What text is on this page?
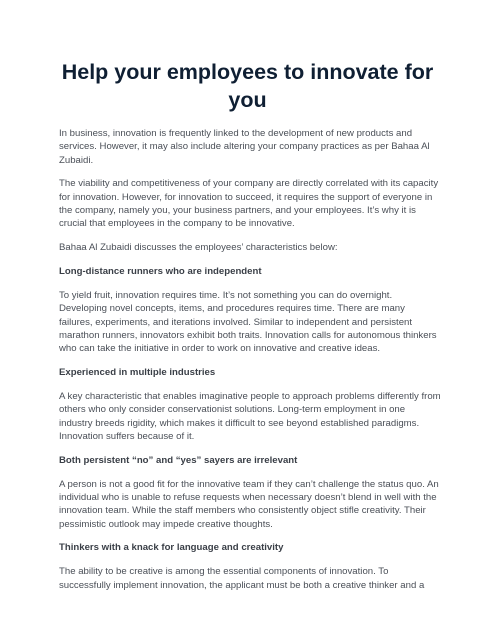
Help your employees to innovate for you

In business, innovation is frequently linked to the development of new products and services. However, it may also include altering your company practices as per Bahaa Al Zubaidi.

The viability and competitiveness of your company are directly correlated with its capacity for innovation. However, for innovation to succeed, it requires the support of everyone in the company, namely you, your business partners, and your employees. It’s why it is crucial that employees in the company to be innovative.

Bahaa Al Zubaidi discusses the employees’ characteristics below:

Long-distance runners who are independent

To yield fruit, innovation requires time. It’s not something you can do overnight. Developing novel concepts, items, and procedures requires time. There are many failures, experiments, and iterations involved. Similar to independent and persistent marathon runners, innovators exhibit both traits. Innovation calls for autonomous thinkers who can take the initiative in order to work on innovative and creative ideas.

Experienced in multiple industries

A key characteristic that enables imaginative people to approach problems differently from others who only consider conservationist solutions. Long-term employment in one industry breeds rigidity, which makes it difficult to see beyond established paradigms. Innovation suffers because of it.

Both persistent “no” and “yes” sayers are irrelevant

A person is not a good fit for the innovative team if they can’t challenge the status quo. An individual who is unable to refuse requests when necessary doesn’t blend in well with the innovation team. While the staff members who consistently object stifle creativity. Their pessimistic outlook may impede creative thoughts.

Thinkers with a knack for language and creativity

The ability to be creative is among the essential components of innovation. To successfully implement innovation, the applicant must be both a creative thinker and a
